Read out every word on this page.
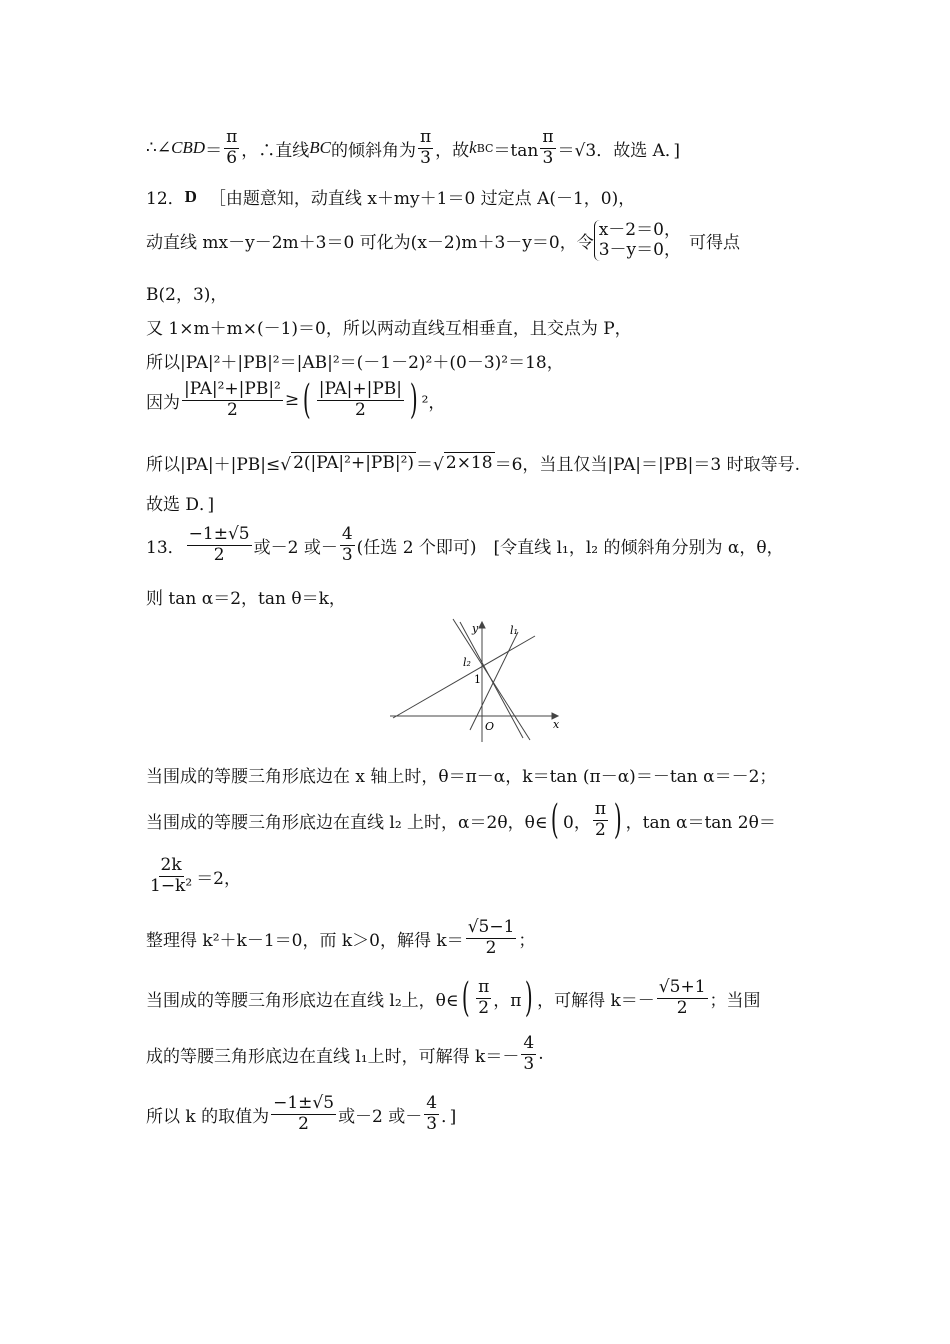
∴∠ CBD ＝
π
6 ，∴直线 BC 的倾斜角为
π
3 ，故 k BC ＝tan
π
3 ＝√3．故选 A．]
12． D ［由题意知，动直线 x＋my＋1＝0 过定点 A(－1，0)，
动直线 mx－y－2m＋3＝0 可化为(x－2)m＋3－y＝0，令
x－2＝0，
3－y＝0， 可得点
B(2，3)，
又 1×m＋m×(－1)＝0，所以两动直线互相垂直，且交点为 P，
所以|PA|²＋|PB|²＝|AB|²＝(－1－2)²＋(0－3)²＝18，
因为 $\frac{\text{|PA|²+|PB|²}}{2}$ ≥ ( |PA|+|PB|
2 ) ²，
所以|PA|＋|PB|≤√ 2(|PA|²+|PB|²) ＝√ 2×18 ＝6，当且仅当|PA|＝|PB|＝3 时取等号.
故选 D．]
13．
−1±√5
2 或－2 或－
4
3 (任选 2 个即可)　[令直线 l₁，l₂ 的倾斜角分别为 α，θ，
则 tan α＝2，tan θ＝k，
y
x
O
1
l₁
l₂
当围成的等腰三角形底边在 x 轴上时，θ＝π－α，k＝tan (π－α)＝－tan α＝－2；
当围成的等腰三角形底边在直线 l₂ 上时，α＝2θ，θ∈ ( 0，
π
2 ) ，tan α＝tan 2θ＝
2k
1−k² ＝2，
整理得 k²＋k－1＝0，而 k＞0，解得 k＝
√5−1
2 ；
当围成的等腰三角形底边在直线 l₂上，θ∈ ( π
2 ，π ) ，可解得 k＝－
√5+1
2 ；当围
成的等腰三角形底边在直线 l₁上时，可解得 k＝－
4
3 .
所以 k 的取值为
−1±√5
2 或－2 或－
4
3 ．]
